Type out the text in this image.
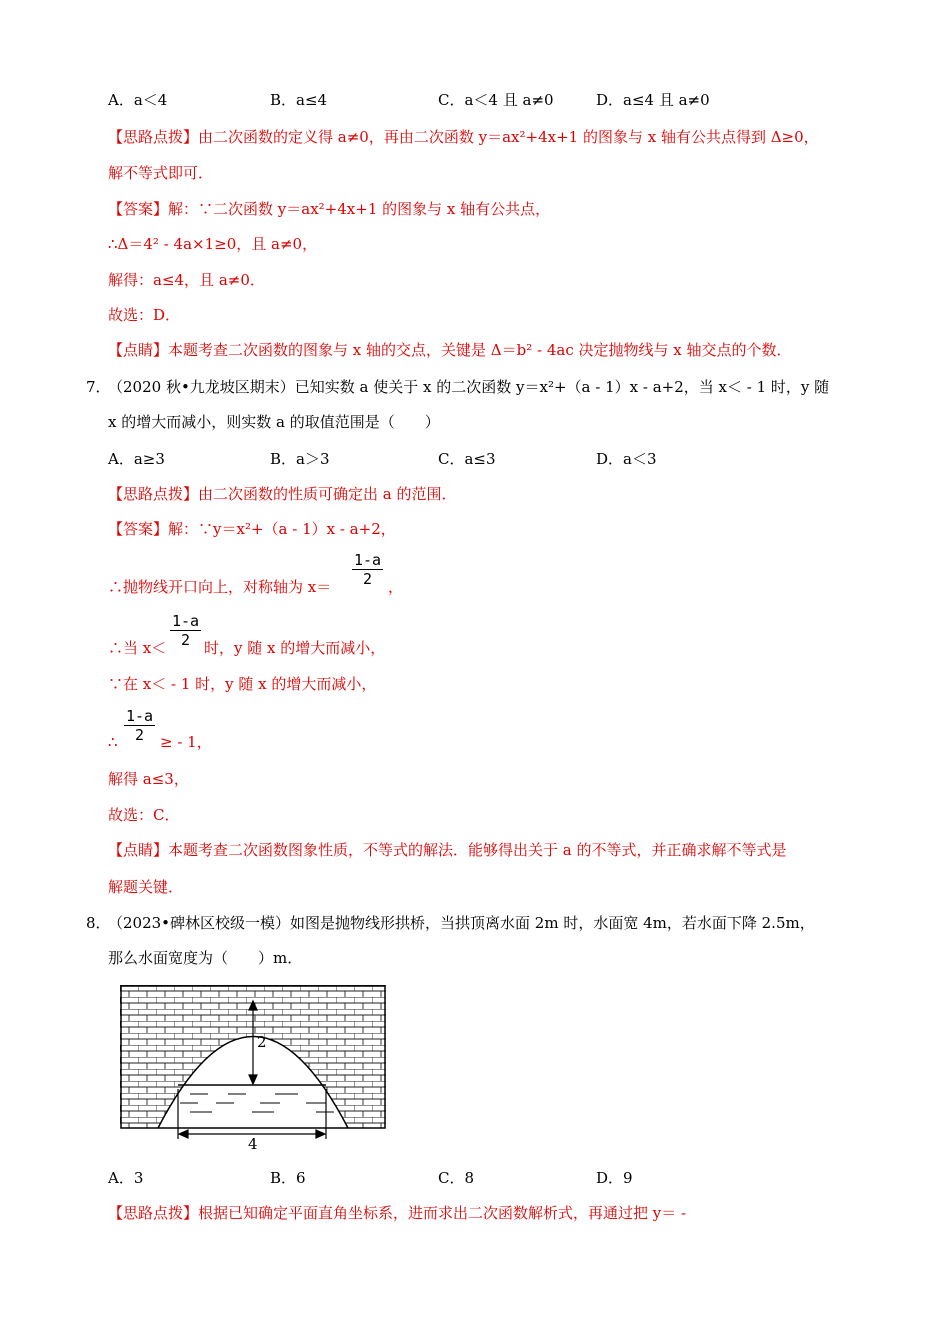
A．a＜4	B．a≤4	C．a＜4 且 a≠0	D．a≤4 且 a≠0
【思路点拨】由二次函数的定义得 a≠0，再由二次函数 y＝ax²+4x+1 的图象与 x 轴有公共点得到 Δ≥0，
解不等式即可．
【答案】解：∵二次函数 y＝ax²+4x+1 的图象与 x 轴有公共点，
∴Δ＝4² - 4a×1≥0，且 a≠0，
解得：a≤4，且 a≠0．
故选：D．
【点睛】本题考查二次函数的图象与 x 轴的交点，关键是 Δ＝b² - 4ac 决定抛物线与 x 轴交点的个数．
7．
（2020 秋•九龙坡区期末）已知实数 a 使关于 x 的二次函数 y＝x²+（a - 1）x - a+2，当 x＜ - 1 时，y 随
x 的增大而减小，则实数 a 的取值范围是（　　）
A．a≥3	B．a＞3	C．a≤3	D．a＜3
【思路点拨】由二次函数的性质可确定出 a 的范围．
【答案】解：∵y＝x²+（a - 1）x - a+2，
∴抛物线开口向上，对称轴为 $x= \frac{1-a}{2}$ ，
∴当 $x< \frac{1-a}{2}$ 时，y 随 x 的增大而减小，
∵在 x＜ - 1 时，y 随 x 的增大而减小，
∴ $\frac{1-a}{2}$ ≥ - 1，
解得 a≤3，
故选：C．
【点睛】本题考查二次函数图象性质，不等式的解法．能够得出关于 a 的不等式，并正确求解不等式是
解题关键．
8．
（2023•碑林区校级一模）如图是抛物线形拱桥，当拱顶离水面 2m 时，水面宽 4m，若水面下降 2.5m，
那么水面宽度为（　　）m．
2
4
A．3	B．6	C．8	D．9
【思路点拨】根据已知确定平面直角坐标系，进而求出二次函数解析式，再通过把 y＝ -
